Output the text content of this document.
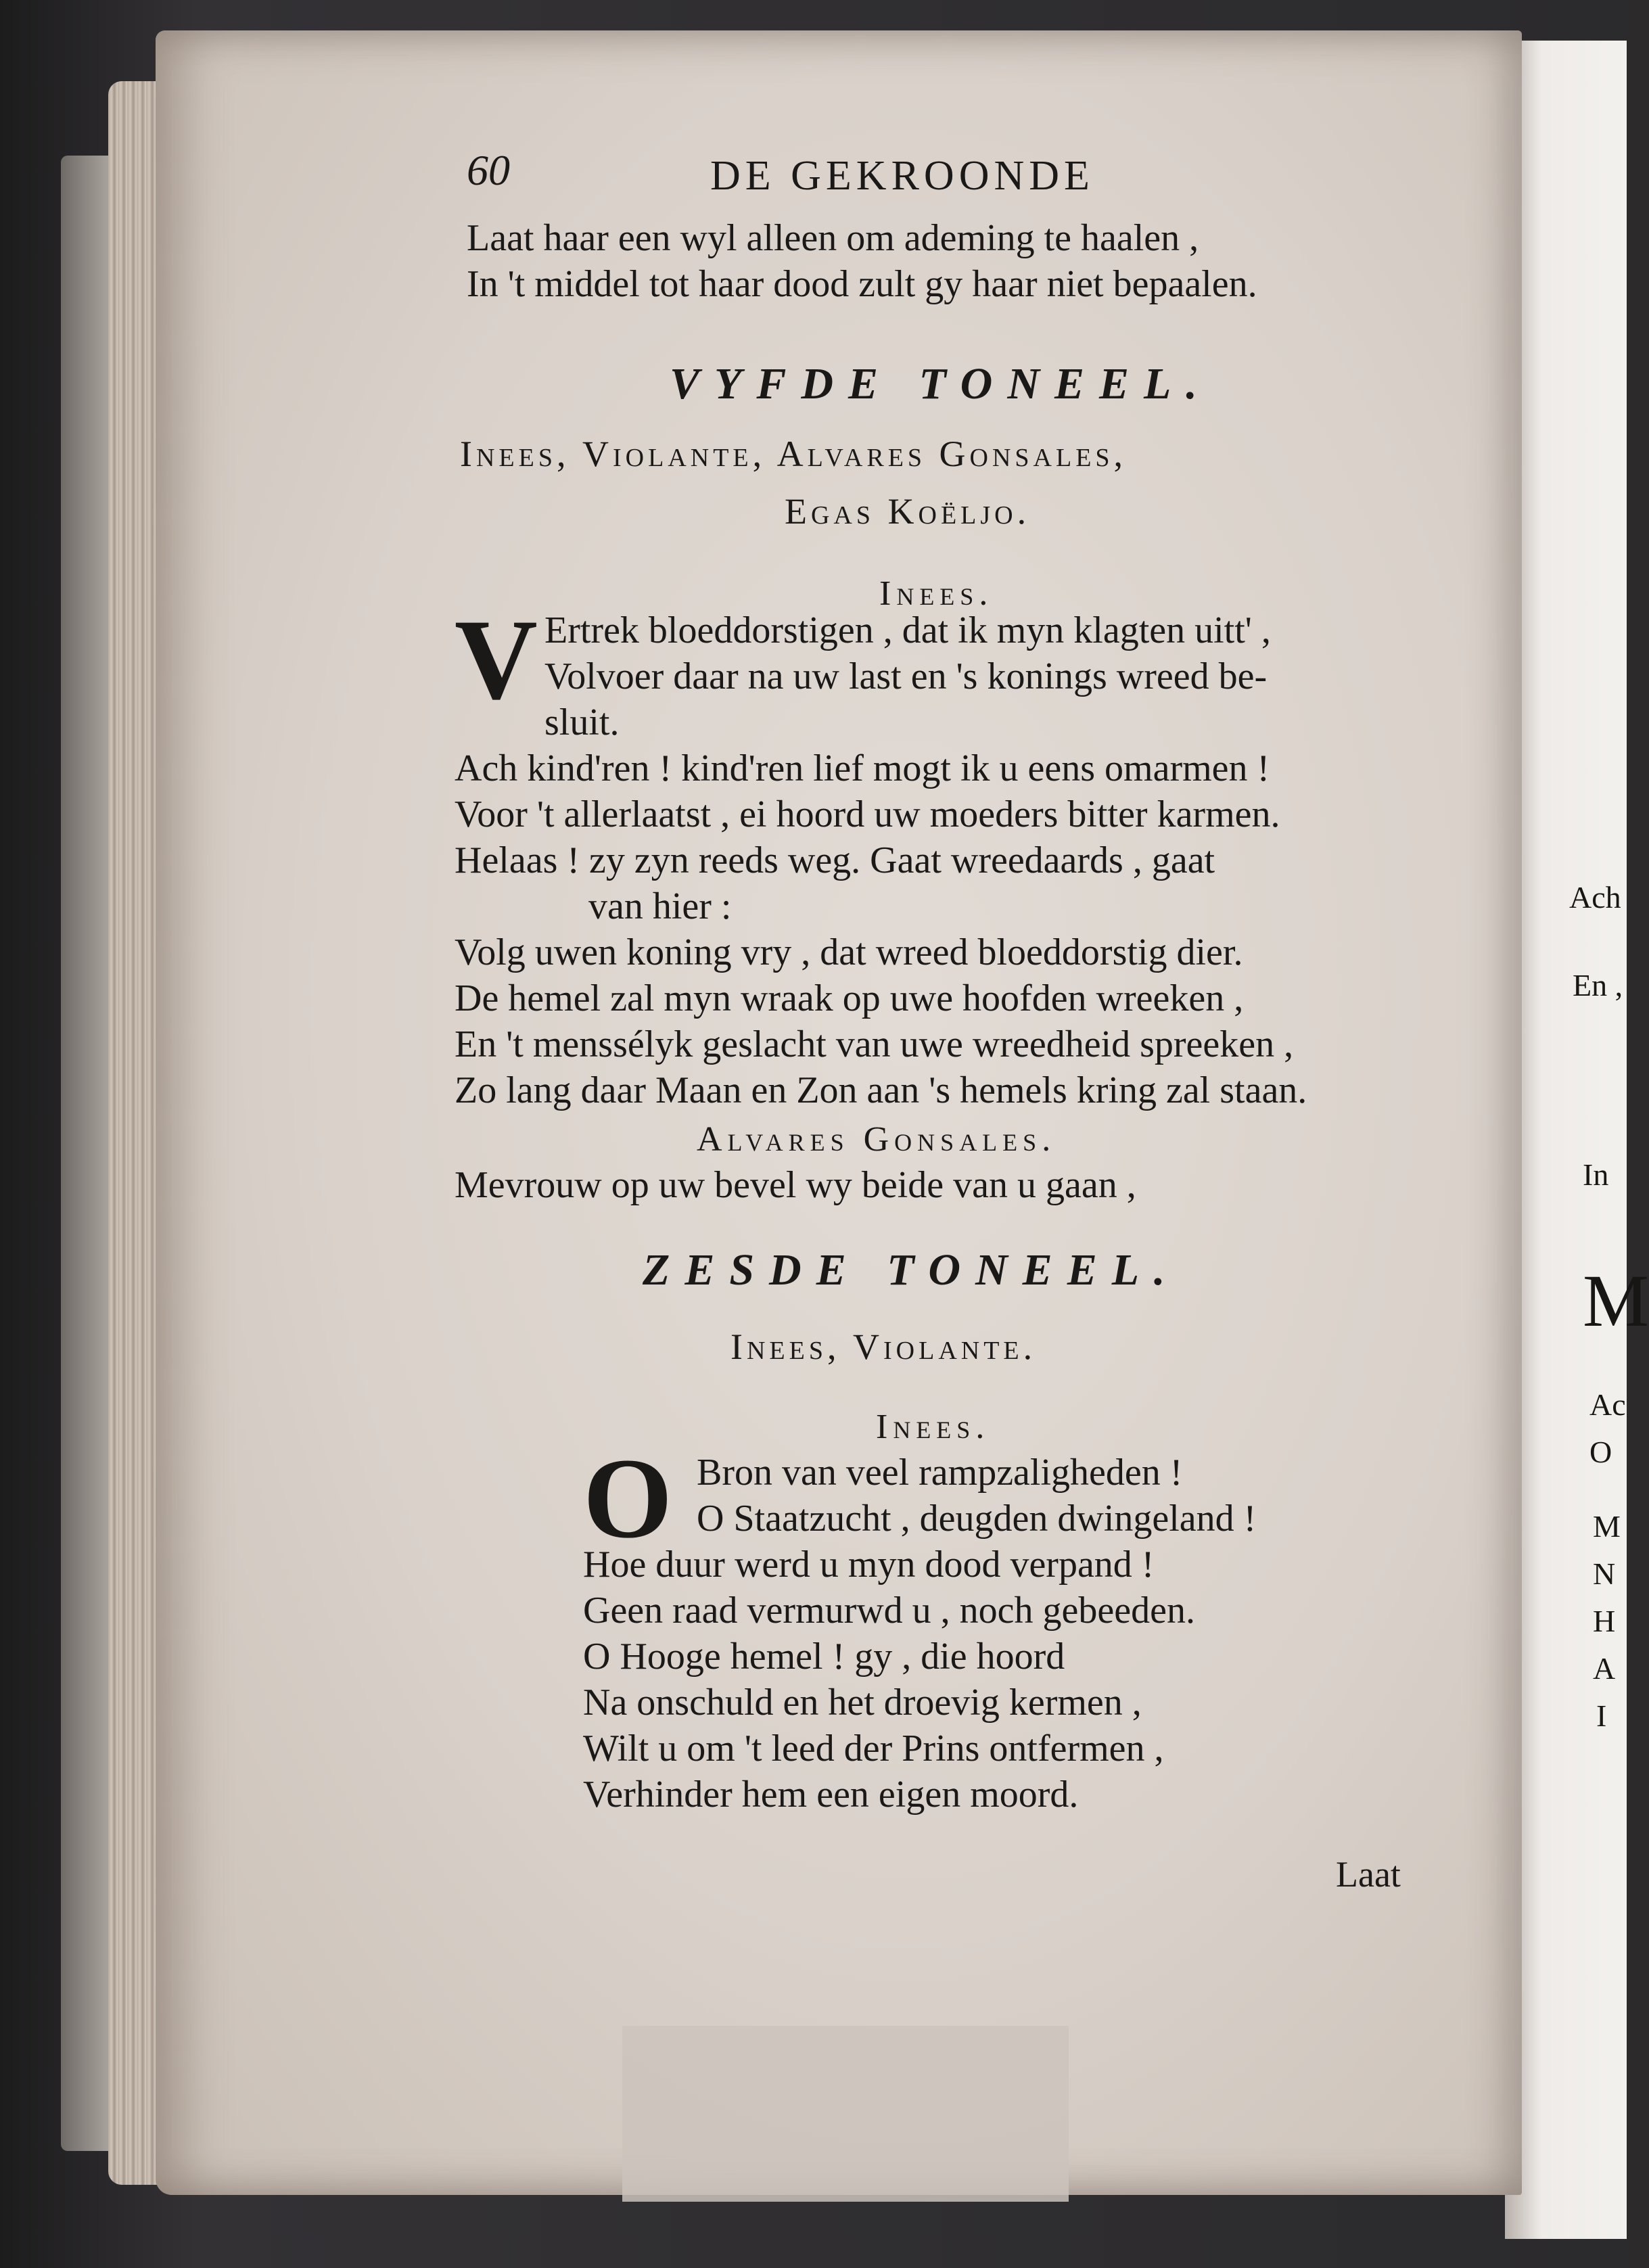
Ach
En ,
In
M
Ac
O
M
N
H
A
I
60	DE GEKROONDE
Laat haar een wyl alleen om ademing te haalen ,
In 't middel tot haar dood zult gy haar niet bepaalen.
VYFDE TONEEL.
Inees, Violante, Alvares Gonsales,
Egas Koëljo.
Inees.
V Ertrek bloeddorstigen , dat ik myn klagten uitt' ,
Volvoer daar na uw last en 's konings wreed be-
sluit.
Ach kind'ren ! kind'ren lief mogt ik u eens omarmen !
Voor 't allerlaatst , ei hoord uw moeders bitter karmen.
Helaas ! zy zyn reeds weg. Gaat wreedaards , gaat
van hier :
Volg uwen koning vry , dat wreed bloeddorstig dier.
De hemel zal myn wraak op uwe hoofden wreeken ,
En 't menssélyk geslacht van uwe wreedheid spreeken ,
Zo lang daar Maan en Zon aan 's hemels kring zal staan.
Alvares Gonsales.
Mevrouw op uw bevel wy beide van u gaan ,
ZESDE TONEEL.
Inees, Violante.
Inees.
O Bron van veel rampzaligheden !
O Staatzucht , deugden dwingeland !
Hoe duur werd u myn dood verpand !
Geen raad vermurwd u , noch gebeeden.
O Hooge hemel ! gy , die hoord
Na onschuld en het droevig kermen ,
Wilt u om 't leed der Prins ontfermen ,
Verhinder hem een eigen moord.
Laat
